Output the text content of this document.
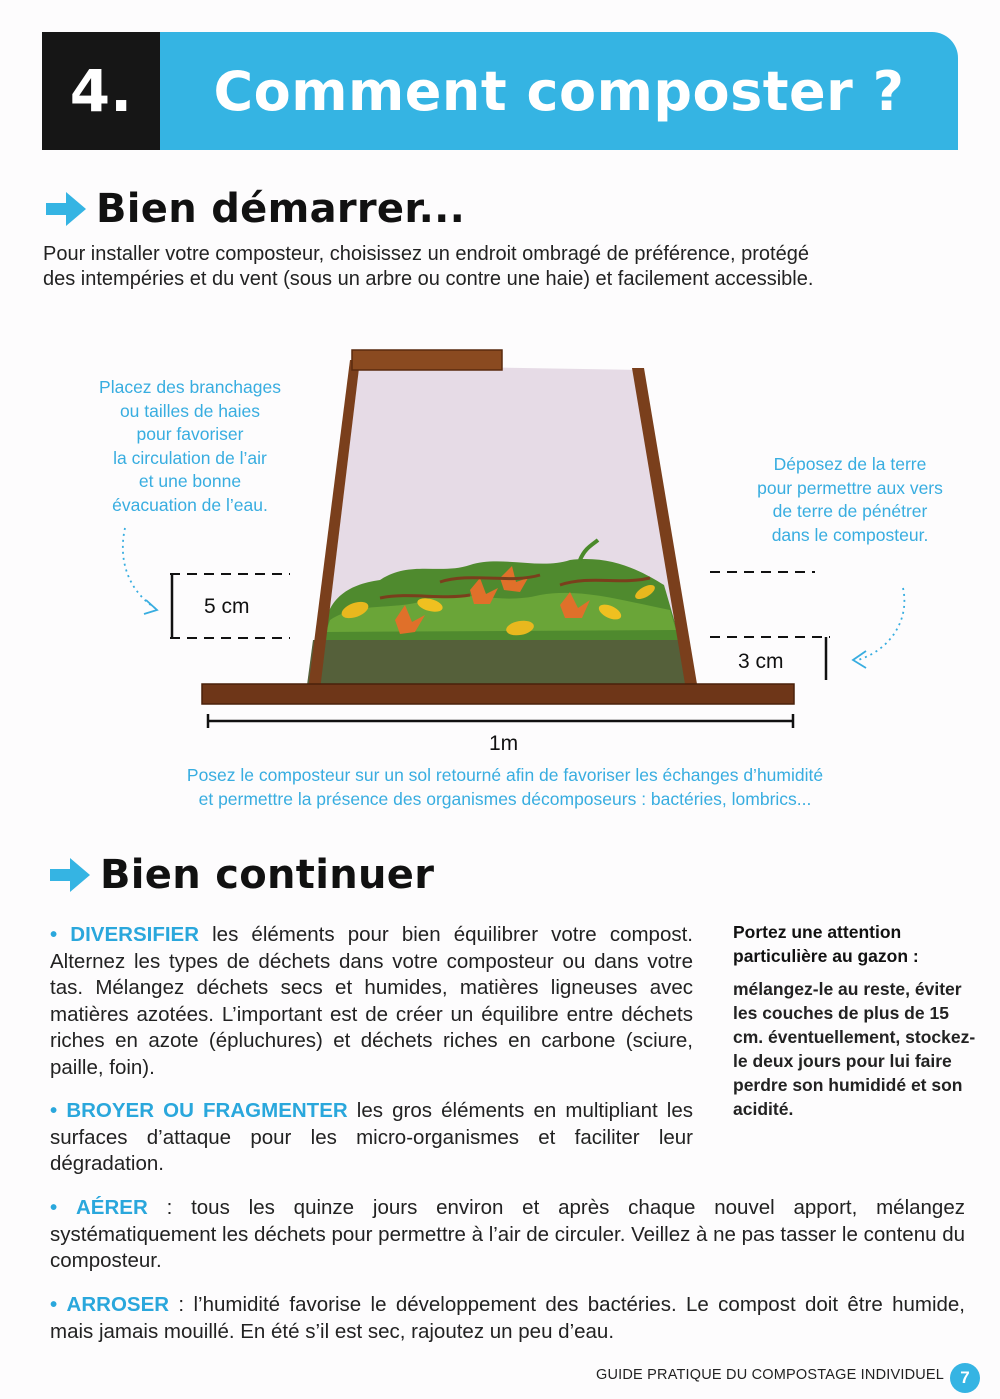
4.	Comment composter ?
Bien démarrer...
Pour installer votre composteur, choisissez un endroit ombragé de préférence, protégé
des intempéries et du vent (sous un arbre ou contre une haie) et facilement accessible.
Placez des branchages
ou tailles de haies
pour favoriser
la circulation de l’air
et une bonne
évacuation de l’eau.
Déposez de la terre
pour permettre aux vers
de terre de pénétrer
dans le composteur.
5 cm
3 cm
1m
Posez le composteur sur un sol retourné afin de favoriser les échanges d’humidité
et permettre la présence des organismes décomposeurs : bactéries, lombrics...
Bien continuer
• DIVERSIFIER les éléments pour bien équilibrer votre compost. Alternez les types de déchets dans votre composteur ou dans votre tas. Mélangez déchets secs et humides, matières ligneuses avec matières azotées. L’important est de créer un équilibre entre déchets riches en azote (épluchures) et déchets riches en carbone (sciure, paille, foin).
• BROYER OU FRAGMENTER les gros éléments en multipliant les surfaces d’attaque pour les micro-organismes et faciliter leur dégradation.
• AÉRER : tous les quinze jours environ et après chaque nouvel apport, mélangez systématiquement les déchets pour permettre à l’air de circuler. Veillez à ne pas tasser le contenu du composteur.
• ARROSER : l’humidité favorise le développement des bactéries. Le compost doit être humide, mais jamais mouillé. En été s’il est sec, rajoutez un peu d’eau.
Portez une attention particulière au gazon :
mélangez-le au reste, éviter les couches de plus de 15 cm. éventuellement, stockez-le deux jours pour lui faire perdre son humididé et son acidité.
GUIDE PRATIQUE DU COMPOSTAGE INDIVIDUEL 7
